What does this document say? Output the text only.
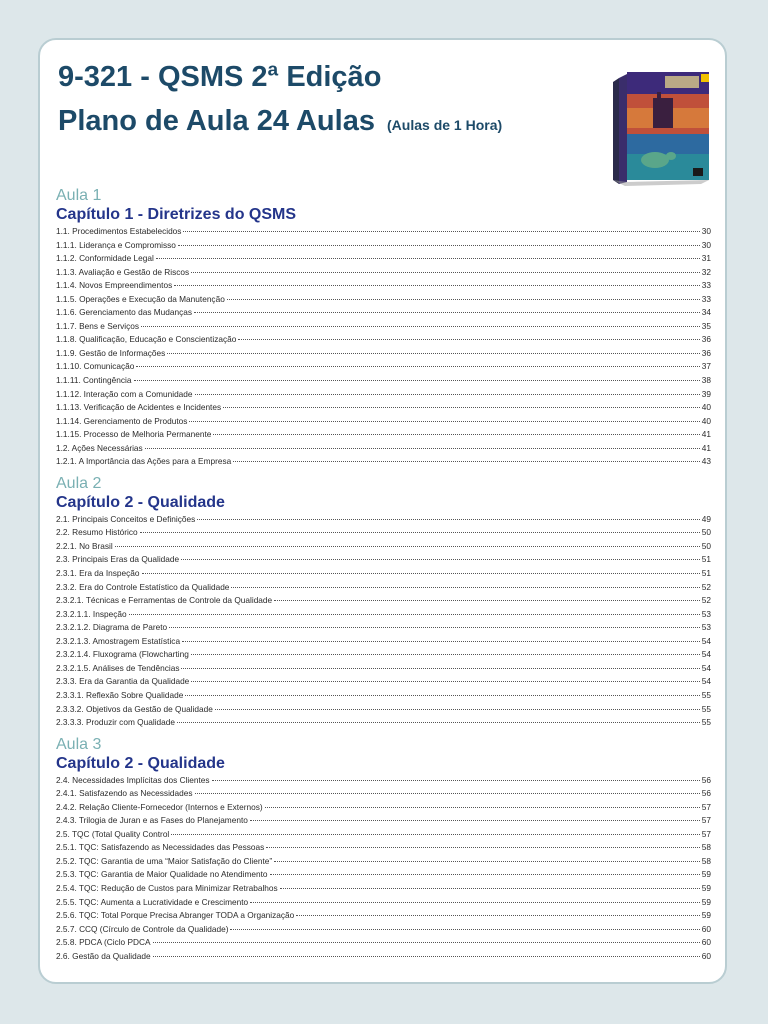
9-321 - QSMS 2ª Edição
Plano de Aula 24 Aulas (Aulas de 1 Hora)
Aula 1
Capítulo 1 - Diretrizes do QSMS
1.1. Procedimentos Estabelecidos	30
1.1.1. Liderança e Compromisso	30
1.1.2. Conformidade Legal	31
1.1.3. Avaliação e Gestão de Riscos	32
1.1.4. Novos Empreendimentos	33
1.1.5. Operações e Execução da Manutenção	33
1.1.6. Gerenciamento das Mudanças	34
1.1.7. Bens e Serviços	35
1.1.8. Qualificação, Educação e Conscientização	36
1.1.9. Gestão de Informações	36
1.1.10. Comunicação	37
1.1.11. Contingência	38
1.1.12. Interação com a Comunidade	39
1.1.13. Verificação de Acidentes e Incidentes	40
1.1.14. Gerenciamento de Produtos	40
1.1.15. Processo de Melhoria Permanente	41
1.2. Ações Necessárias	41
1.2.1. A Importância das Ações para a Empresa	43
Aula 2
Capítulo 2 - Qualidade
2.1. Principais Conceitos e Definições	49
2.2. Resumo Histórico	50
2.2.1. No Brasil	50
2.3. Principais Eras da Qualidade	51
2.3.1. Era da Inspeção	51
2.3.2. Era do Controle Estatístico da Qualidade	52
2.3.2.1. Técnicas e Ferramentas de Controle da Qualidade	52
2.3.2.1.1. Inspeção	53
2.3.2.1.2. Diagrama de Pareto	53
2.3.2.1.3. Amostragem Estatística	54
2.3.2.1.4. Fluxograma (Flowcharting	54
2.3.2.1.5. Análises de Tendências	54
2.3.3. Era da Garantia da Qualidade	54
2.3.3.1. Reflexão Sobre Qualidade	55
2.3.3.2. Objetivos da Gestão de Qualidade	55
2.3.3.3. Produzir com Qualidade	55
Aula 3
Capítulo 2 - Qualidade
2.4. Necessidades Implícitas dos Clientes	56
2.4.1. Satisfazendo as Necessidades	56
2.4.2. Relação Cliente-Fornecedor (Internos e Externos)	57
2.4.3. Trilogia de Juran e as Fases do Planejamento	57
2.5. TQC (Total Quality Control	57
2.5.1. TQC: Satisfazendo as Necessidades das Pessoas	58
2.5.2. TQC: Garantia de uma “Maior Satisfação do Cliente”	58
2.5.3. TQC: Garantia de Maior Qualidade no Atendimento	59
2.5.4. TQC: Redução de Custos para Minimizar Retrabalhos	59
2.5.5. TQC: Aumenta a Lucratividade e Crescimento	59
2.5.6. TQC: Total Porque Precisa Abranger TODA a Organização	59
2.5.7. CCQ (Círculo de Controle da Qualidade)	60
2.5.8. PDCA (Ciclo PDCA	60
2.6. Gestão da Qualidade	60
